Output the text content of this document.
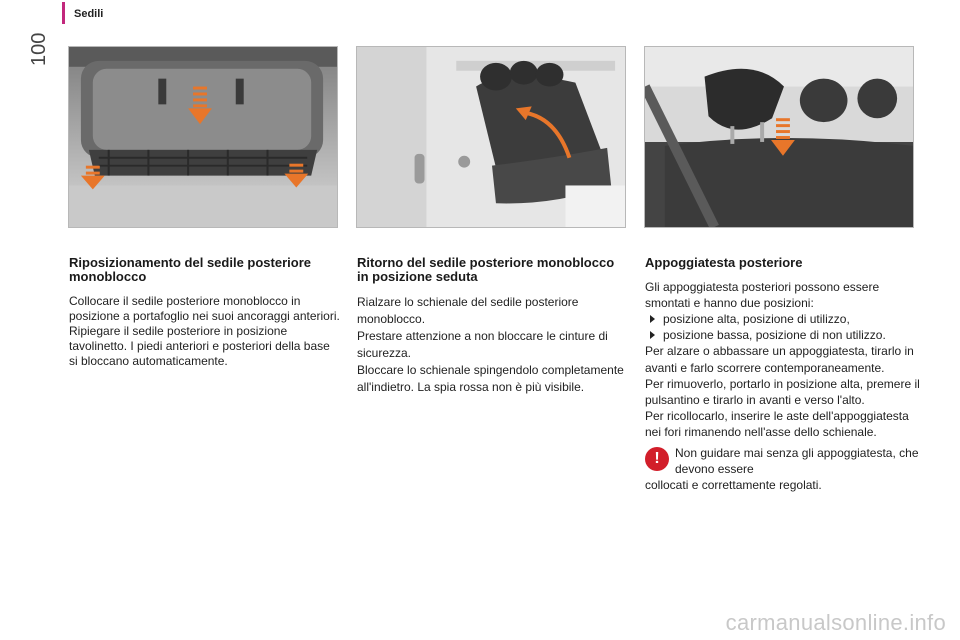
Sedili
100
Riposizionamento del sedile posteriore monoblocco

Collocare il sedile posteriore monoblocco in posizione a portafoglio nei suoi ancoraggi anteriori.
Ripiegare il sedile posteriore in posizione tavolinetto. I piedi anteriori e posteriori della base si bloccano automaticamente.

Ritorno del sedile posteriore monoblocco in posizione seduta

Rialzare lo schienale del sedile posteriore monoblocco.
Prestare attenzione a non bloccare le cinture di sicurezza.
Bloccare lo schienale spingendolo completamente all'indietro. La spia rossa non è più visibile.

Appoggiatesta posteriore

Gli appoggiatesta posteriori possono essere smontati e hanno due posizioni:

posizione alta, posizione di utilizzo,
posizione bassa, posizione di non utilizzo.

Per alzare o abbassare un appoggiatesta, tirarlo in avanti e farlo scorrere contemporaneamente.
Per rimuoverlo, portarlo in posizione alta, premere il pulsantino e tirarlo in avanti e verso l'alto.
Per ricollocarlo, inserire le aste dell'appoggiatesta nei fori rimanendo nell'asse dello schienale.

!	Non guidare mai senza gli appoggiatesta, che devono essere
collocati e correttamente regolati.
carmanualsonline.info
